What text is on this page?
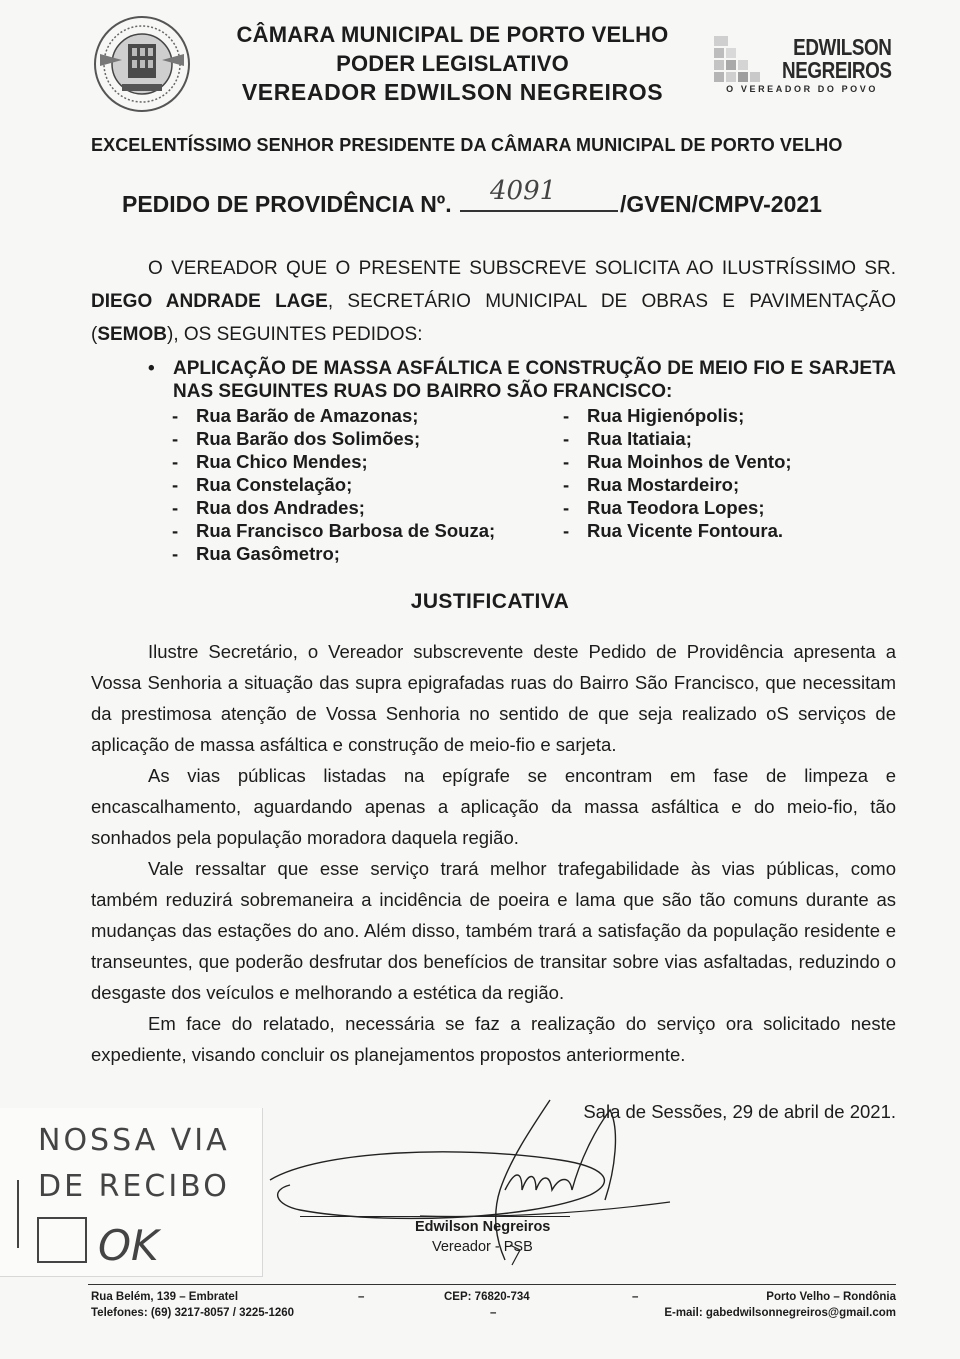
CÂMARA MUNICIPAL DE PORTO VELHO
PODER LEGISLATIVO
VEREADOR EDWILSON NEGREIROS
EDWILSON
NEGREIROS
O VEREADOR DO POVO
EXCELENTÍSSIMO SENHOR PRESIDENTE DA CÂMARA MUNICIPAL DE PORTO VELHO
PEDIDO DE PROVIDÊNCIA Nº. 4091	/GVEN/CMPV-2021

O VEREADOR QUE O PRESENTE SUBSCREVE SOLICITA AO ILUSTRÍSSIMO SR. DIEGO ANDRADE LAGE, SECRETÁRIO MUNICIPAL DE OBRAS E PAVIMENTAÇÃO (SEMOB), OS SEGUINTES PEDIDOS:

• APLICAÇÃO DE MASSA ASFÁLTICA E CONSTRUÇÃO DE MEIO FIO E SARJETA NAS SEGUINTES RUAS DO BAIRRO SÃO FRANCISCO:
- Rua Barão de Amazonas;
- Rua Barão dos Solimões;
- Rua Chico Mendes;
- Rua Constelação;
- Rua dos Andrades;
- Rua Francisco Barbosa de Souza;
- Rua Gasômetro;
- Rua Higienópolis;
- Rua Itatiaia;
- Rua Moinhos de Vento;
- Rua Mostardeiro;
- Rua Teodora Lopes;
- Rua Vicente Fontoura.
JUSTIFICATIVA

Ilustre Secretário, o Vereador subscrevente deste Pedido de Providência apresenta a Vossa Senhoria a situação das supra epigrafadas ruas do Bairro São Francisco, que necessitam da prestimosa atenção de Vossa Senhoria no sentido de que seja realizado oS serviços de aplicação de massa asfáltica e construção de meio-fio e sarjeta.

As vias públicas listadas na epígrafe se encontram em fase de limpeza e encascalhamento, aguardando apenas a aplicação da massa asfáltica e do meio-fio, tão sonhados pela população moradora daquela região.

Vale ressaltar que esse serviço trará melhor trafegabilidade às vias públicas, como também reduzirá sobremaneira a incidência de poeira e lama que são tão comuns durante as mudanças das estações do ano. Além disso, também trará a satisfação da população residente e transeuntes, que poderão desfrutar dos benefícios de transitar sobre vias asfaltadas, reduzindo o desgaste dos veículos e melhorando a estética da região.

Em face do relatado, necessária se faz a realização do serviço ora solicitado neste expediente, visando concluir os planejamentos propostos anteriormente.

Sala de Sessões, 29 de abril de 2021.
Edwilson Negreiros
Vereador - PSB
NOSSA VIA
DE RECIBO
OK
Rua Belém, 139 – Embratel
Telefones: (69) 3217-8057 / 3225-1260
–	CEP: 76820-734
–
–	Porto Velho – Rondônia
E-mail: gabedwilsonnegreiros@gmail.com
